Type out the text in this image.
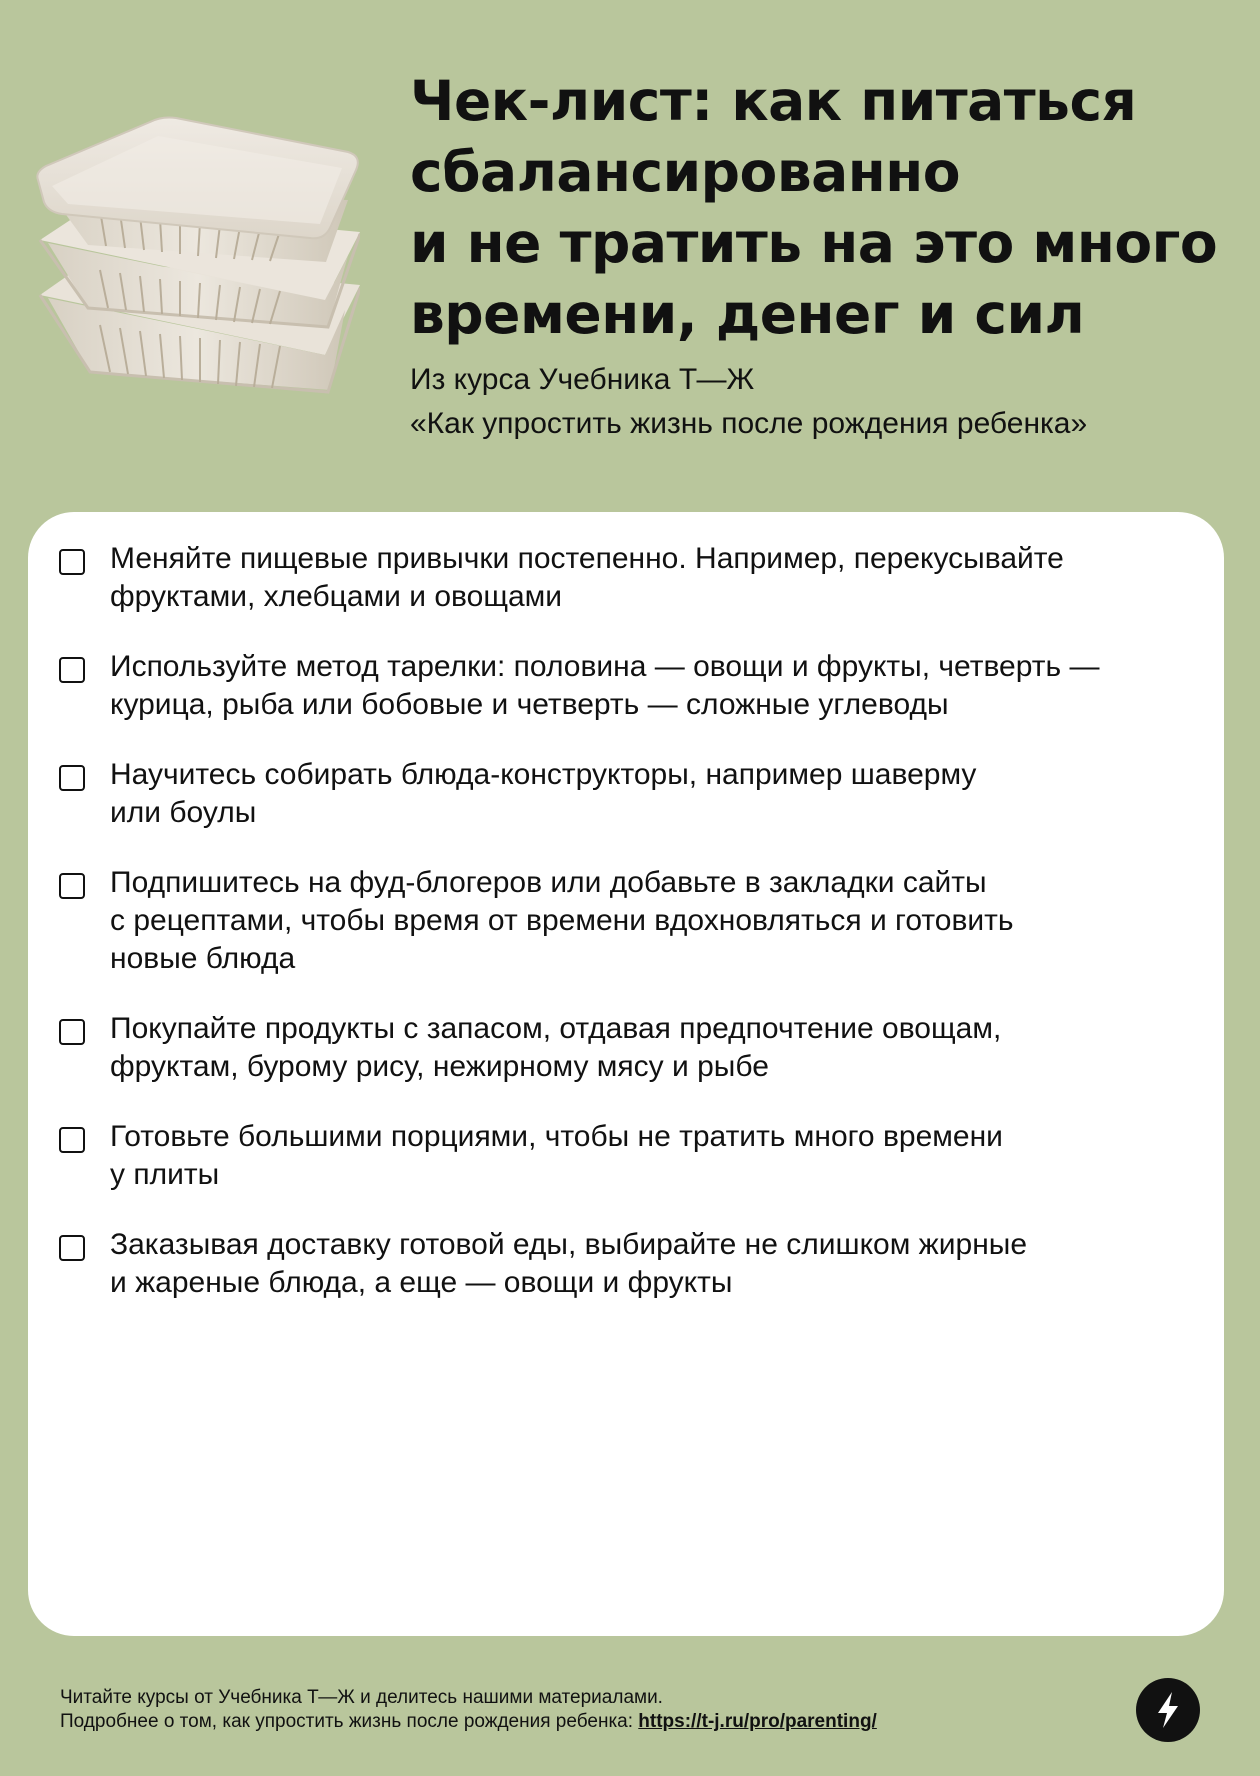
Чек-лист: как питаться
сбалансированно
и не тратить на это много
времени, денег и сил

Из курса Учебника Т—Ж
«Как упростить жизнь после рождения ребенка»

Меняйте пищевые привычки постепенно. Например, перекусывайте
фруктами, хлебцами и овощами
Используйте метод тарелки: половина — овощи и фрукты, четверть —
курица, рыба или бобовые и четверть — сложные углеводы
Научитесь собирать блюда-конструкторы, например шаверму
или боулы
Подпишитесь на фуд-блогеров или добавьте в закладки сайты
с рецептами, чтобы время от времени вдохновляться и готовить
новые блюда
Покупайте продукты с запасом, отдавая предпочтение овощам,
фруктам, бурому рису, нежирному мясу и рыбе
Готовьте большими порциями, чтобы не тратить много времени
у плиты
Заказывая доставку готовой еды, выбирайте не слишком жирные
и жареные блюда, а еще — овощи и фрукты
Читайте курсы от Учебника Т—Ж и делитесь нашими материалами.
Подробнее о том, как упростить жизнь после рождения ребенка: https://t-j.ru/pro/parenting/
